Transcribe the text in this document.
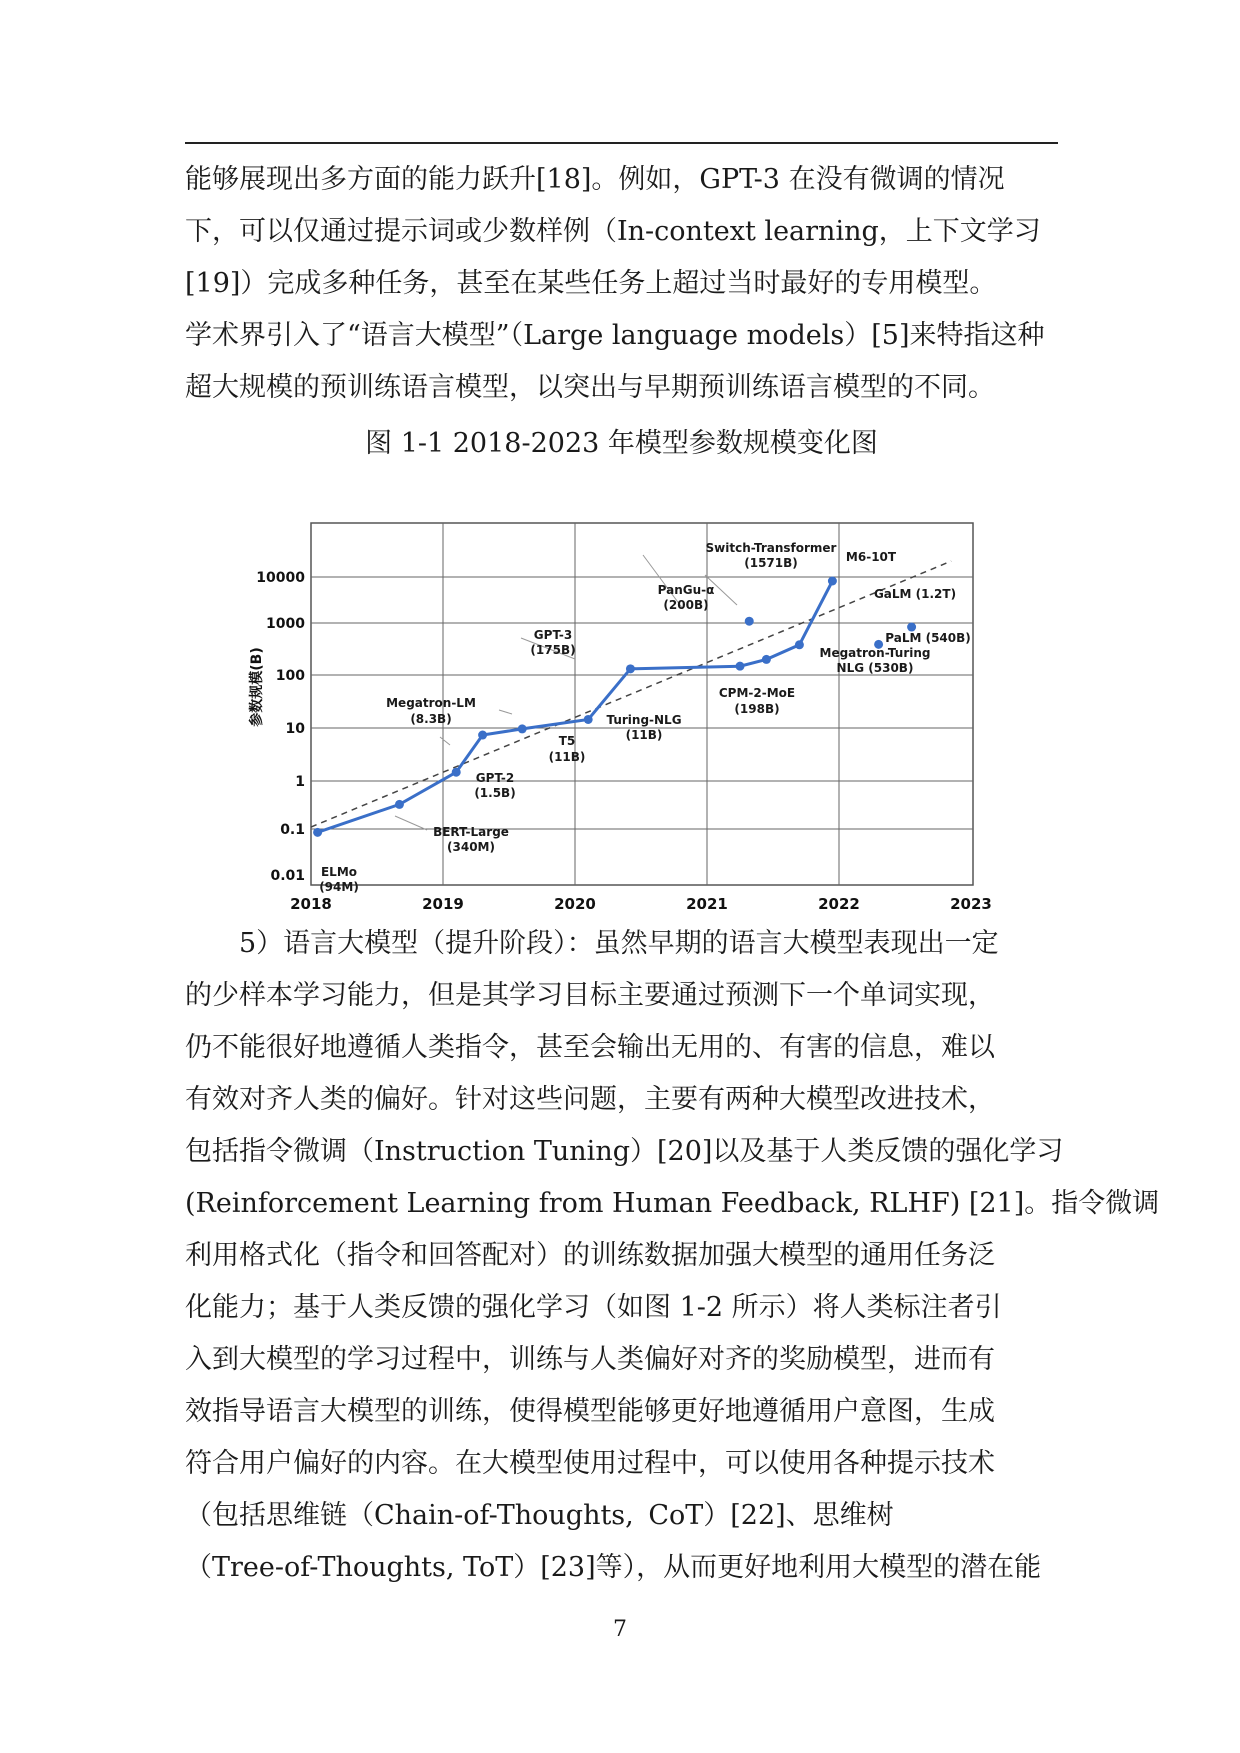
能够展现出多方面的能力跃升[18]。例如，GPT-3 在没有微调的情况
下，可以仅通过提示词或少数样例（In-context learning，上下文学习
[19]）完成多种任务，甚至在某些任务上超过当时最好的专用模型。
学术界引入了“语言大模型”（Large language models）[5]来特指这种
超大规模的预训练语言模型，以突出与早期预训练语言模型的不同。
图 1-1 2018-2023 年模型参数规模变化图
0.01
0.1
1
10
100
1000
10000
2018	2019	2020	2021	2022	2023
参数规模(B)
ELMo
(94M)
BERT-Large
(340M)
GPT-2
(1.5B)
Megatron-LM
(8.3B)
T5
(11B)
Turing-NLG
(11B)
GPT-3
(175B)
CPM-2-MoE
(198B)
PanGu-α
(200B)
Switch-Transformer
(1571B)	M6-10T
GaLM (1.2T)
PaLM (540B)
Megatron-Turing
NLG (530B)
5）语言大模型（提升阶段）：虽然早期的语言大模型表现出一定
的少样本学习能力，但是其学习目标主要通过预测下一个单词实现，
仍不能很好地遵循人类指令，甚至会输出无用的、有害的信息，难以
有效对齐人类的偏好。针对这些问题，主要有两种大模型改进技术，
包括指令微调（Instruction Tuning）[20]以及基于人类反馈的强化学习
(Reinforcement Learning from Human Feedback, RLHF) [21]。指令微调
利用格式化（指令和回答配对）的训练数据加强大模型的通用任务泛
化能力；基于人类反馈的强化学习（如图 1-2 所示）将人类标注者引
入到大模型的学习过程中，训练与人类偏好对齐的奖励模型，进而有
效指导语言大模型的训练，使得模型能够更好地遵循用户意图，生成
符合用户偏好的内容。在大模型使用过程中，可以使用各种提示技术
（包括思维链（Chain-of-Thoughts, CoT）[22]、思维树
（Tree-of-Thoughts, ToT）[23]等），从而更好地利用大模型的潜在能
7
